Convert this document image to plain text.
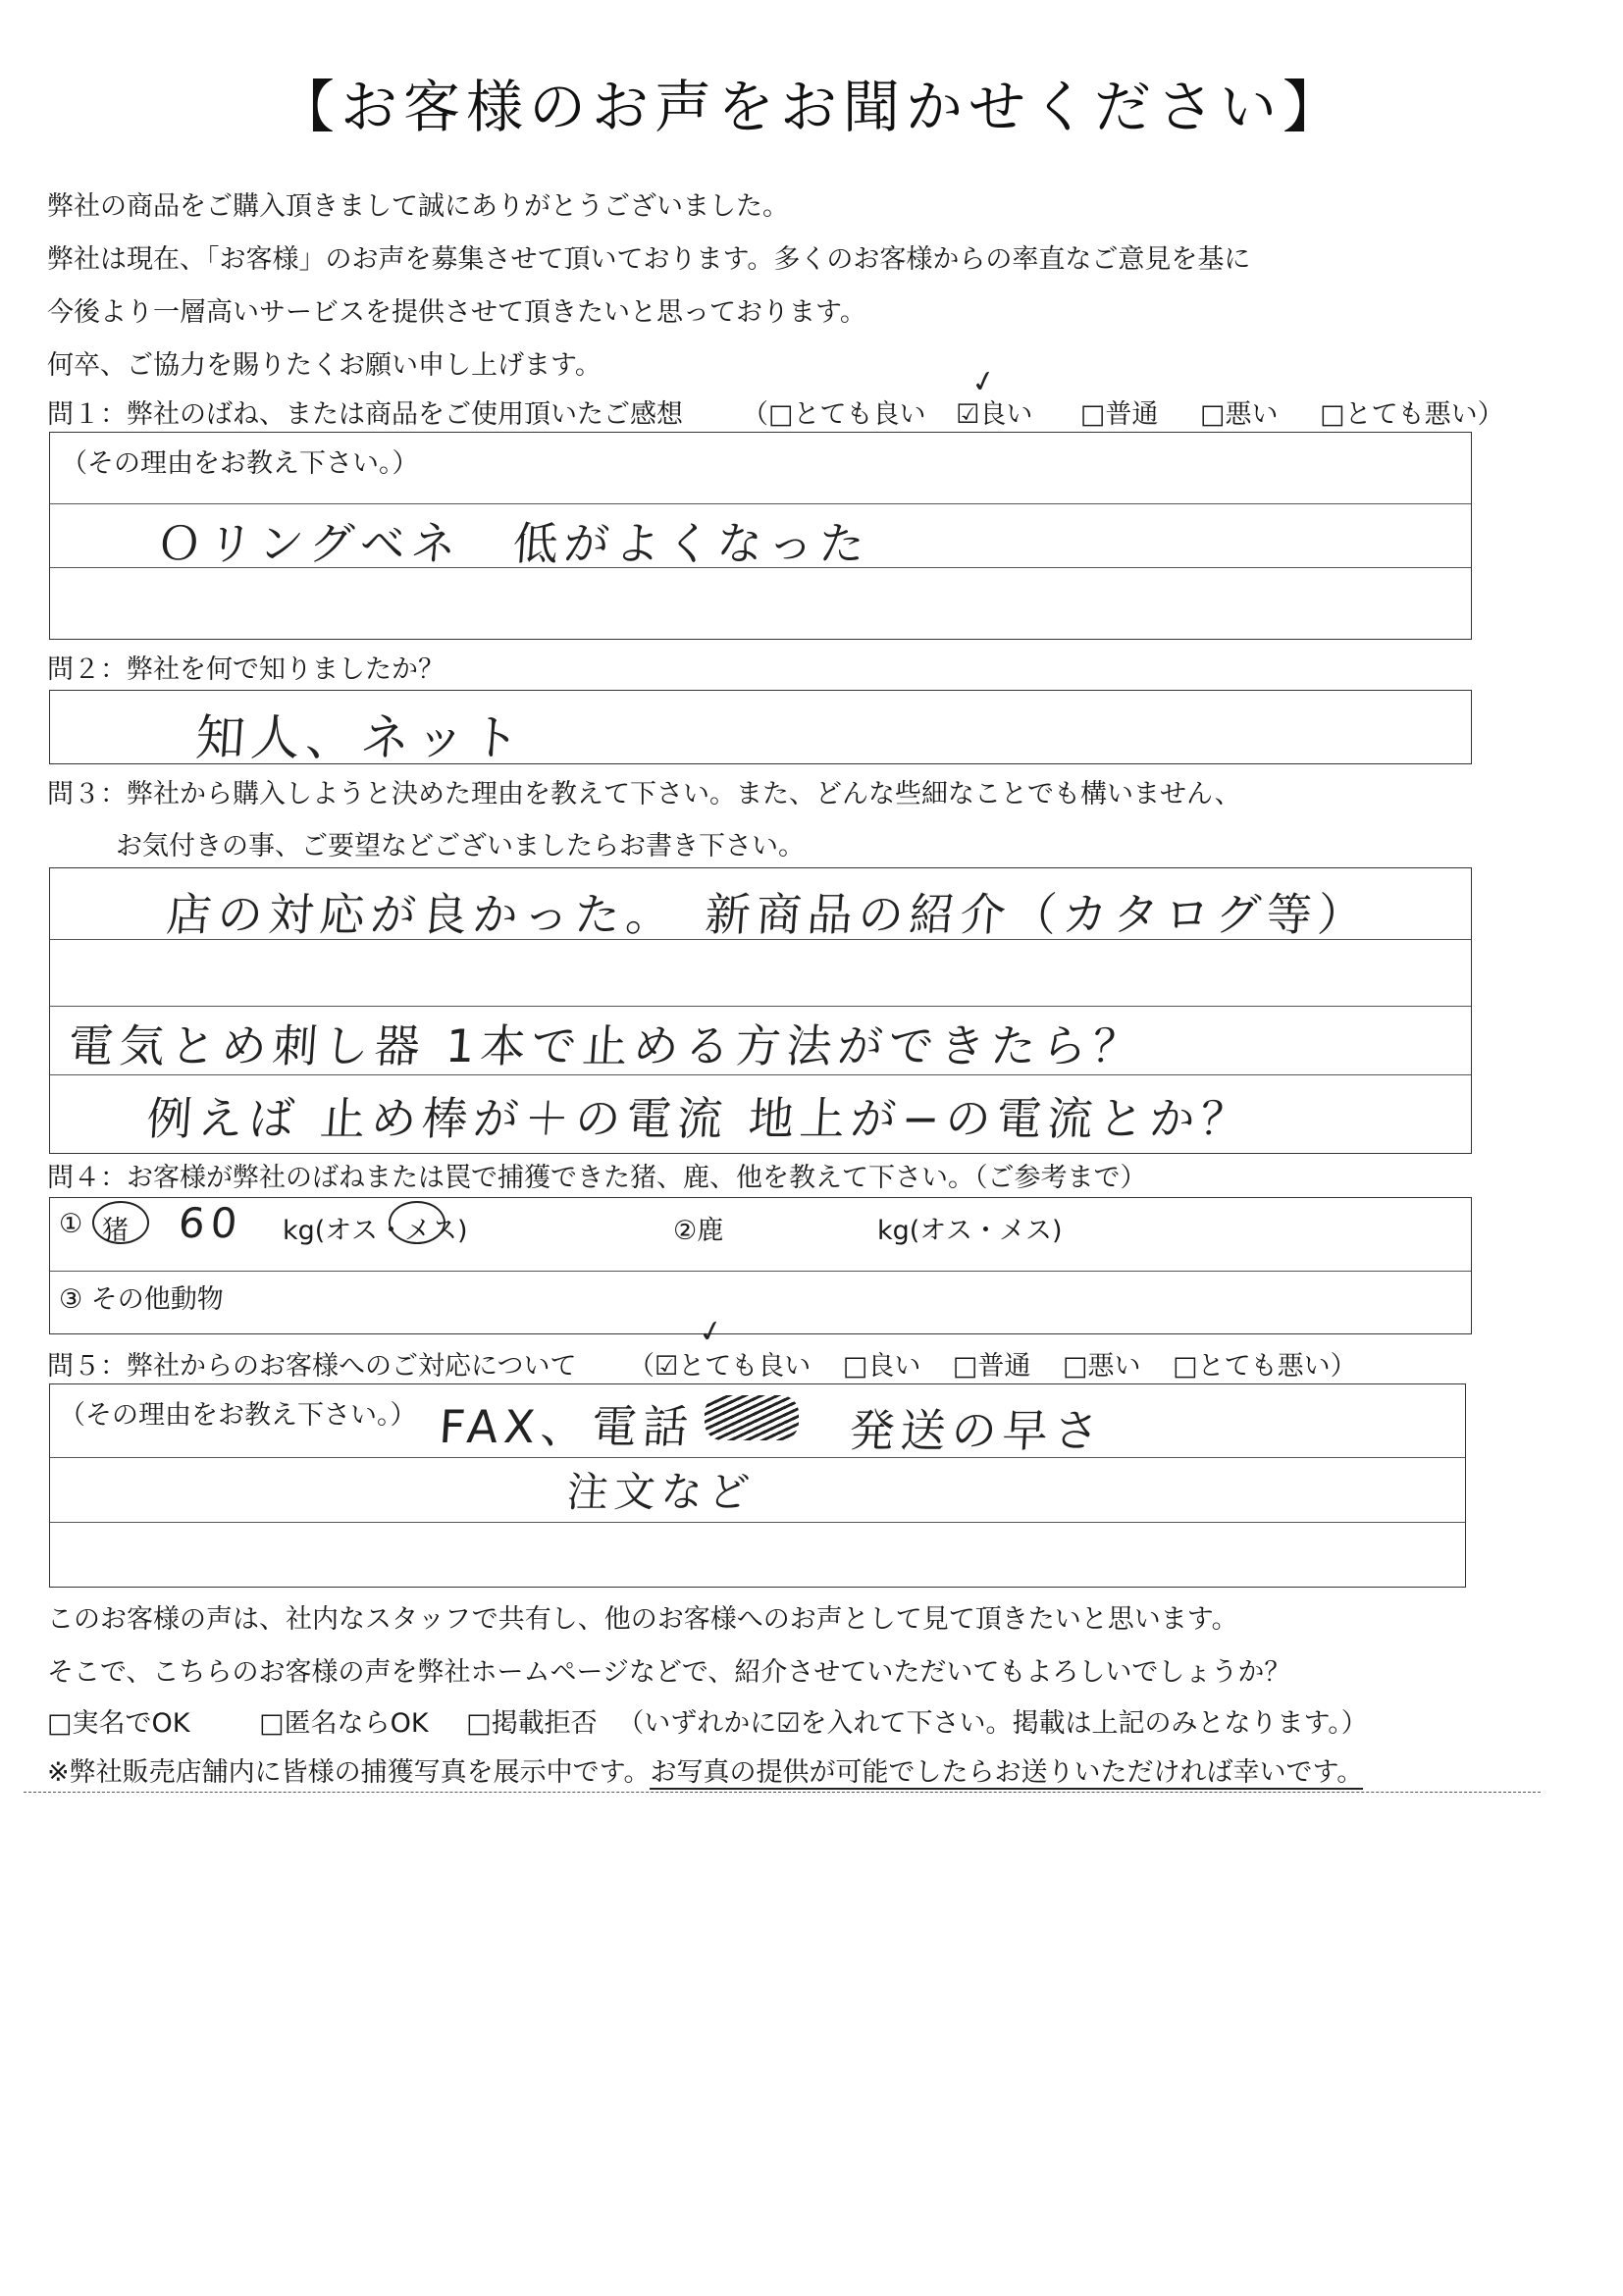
【お客様のお声をお聞かせください】
弊社の商品をご購入頂きまして誠にありがとうございました。
弊社は現在、「お客様」のお声を募集させて頂いております。多くのお客様からの率直なご意見を基に
今後より一層高いサービスを提供させて頂きたいと思っております。
何卒、ご協力を賜りたくお願い申し上げます。
問１：弊社のばね、または商品をご使用頂いたご感想 （□とても良い ☑良い □普通 □悪い □とても悪い）
✓
（その理由をお教え下さい。）
Ｏリングベネ　低がよくなった
問２：弊社を何で知りましたか？
知人、ネット
問３：弊社から購入しようと決めた理由を教えて下さい。また、どんな些細なことでも構いません、
お気付きの事、ご要望などございましたらお書き下さい。
店の対応が良かった。　新商品の紹介（カタログ等）
電気とめ刺し器 1本で止める方法ができたら？
例えば 止め棒が＋の電流 地上が−の電流とか？
問４：お客様が弊社のばねまたは罠で捕獲できた猪、鹿、他を教えて下さい。（ご参考まで）
① 猪 60 kg(オス・メス)	②鹿	kg(オス・メス)
③ その他動物
問５：弊社からのお客様へのご対応について （☑とても良い □良い □普通 □悪い □とても悪い）
✓
（その理由をお教え下さい。） FAX、電話	発送の早さ
注文など
このお客様の声は、社内なスタッフで共有し、他のお客様へのお声として見て頂きたいと思います。
そこで、こちらのお客様の声を弊社ホームページなどで、紹介させていただいてもよろしいでしょうか？
□実名でOK	□匿名ならOK □掲載拒否 （いずれかに☑を入れて下さい。掲載は上記のみとなります。）
※弊社販売店舗内に皆様の捕獲写真を展示中です。お写真の提供が可能でしたらお送りいただければ幸いです。
